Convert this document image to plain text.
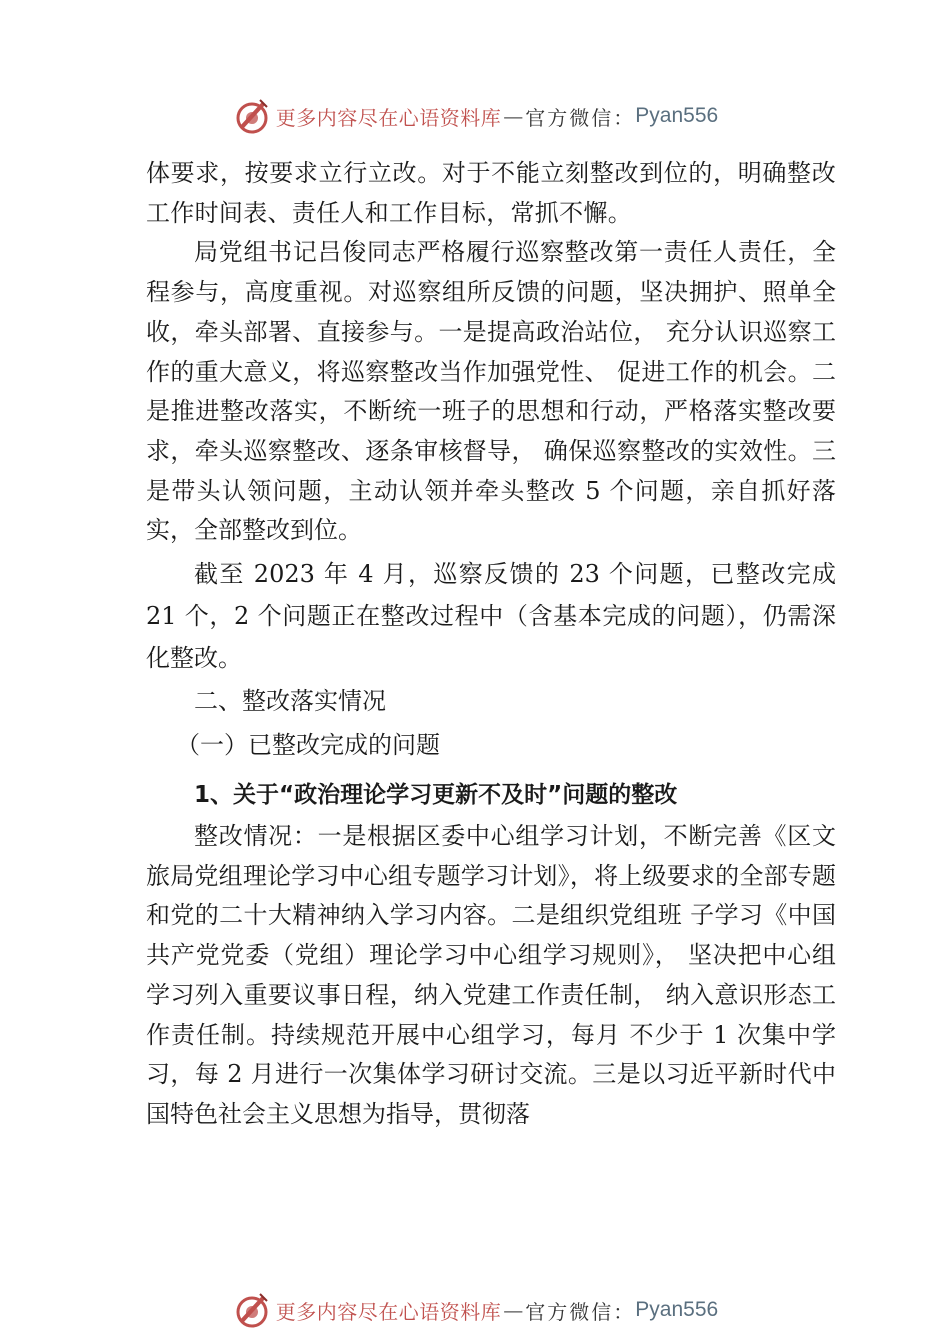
更多内容尽在心语资料库 — 官方微信： Pyan556

体要求，按要求立行立改。对于不能立刻整改到位的，明确整改工作时间表、责任人和工作目标，常抓不懈。

局党组书记吕俊同志严格履行巡察整改第一责任人责任，全程参与，高度重视。对巡察组所反馈的问题，坚决拥护、照单全收，牵头部署、直接参与。一是提高政治站位， 充分认识巡察工作的重大意义，将巡察整改当作加强党性、 促进工作的机会。二是推进整改落实，不断统一班子的思想和行动，严格落实整改要求，牵头巡察整改、逐条审核督导， 确保巡察整改的实效性。三是带头认领问题，主动认领并牵头整改 5 个问题，亲自抓好落实，全部整改到位。

截至 2023 年 4 月，巡察反馈的 23 个问题，已整改完成 21 个，2 个问题正在整改过程中（含基本完成的问题），仍需深化整改。

二、整改落实情况

（一）已整改完成的问题

1、关于“政治理论学习更新不及时”问题的整改

整改情况：一是根据区委中心组学习计划，不断完善《区文旅局党组理论学习中心组专题学习计划》，将上级要求的全部专题和党的二十大精神纳入学习内容。二是组织党组班 子学习《中国共产党党委（党组）理论学习中心组学习规则》， 坚决把中心组学习列入重要议事日程，纳入党建工作责任制， 纳入意识形态工作责任制。持续规范开展中心组学习，每月 不少于 1 次集中学习，每 2 月进行一次集体学习研讨交流。三是以习近平新时代中国特色社会主义思想为指导，贯彻落

更多内容尽在心语资料库 — 官方微信： Pyan556
